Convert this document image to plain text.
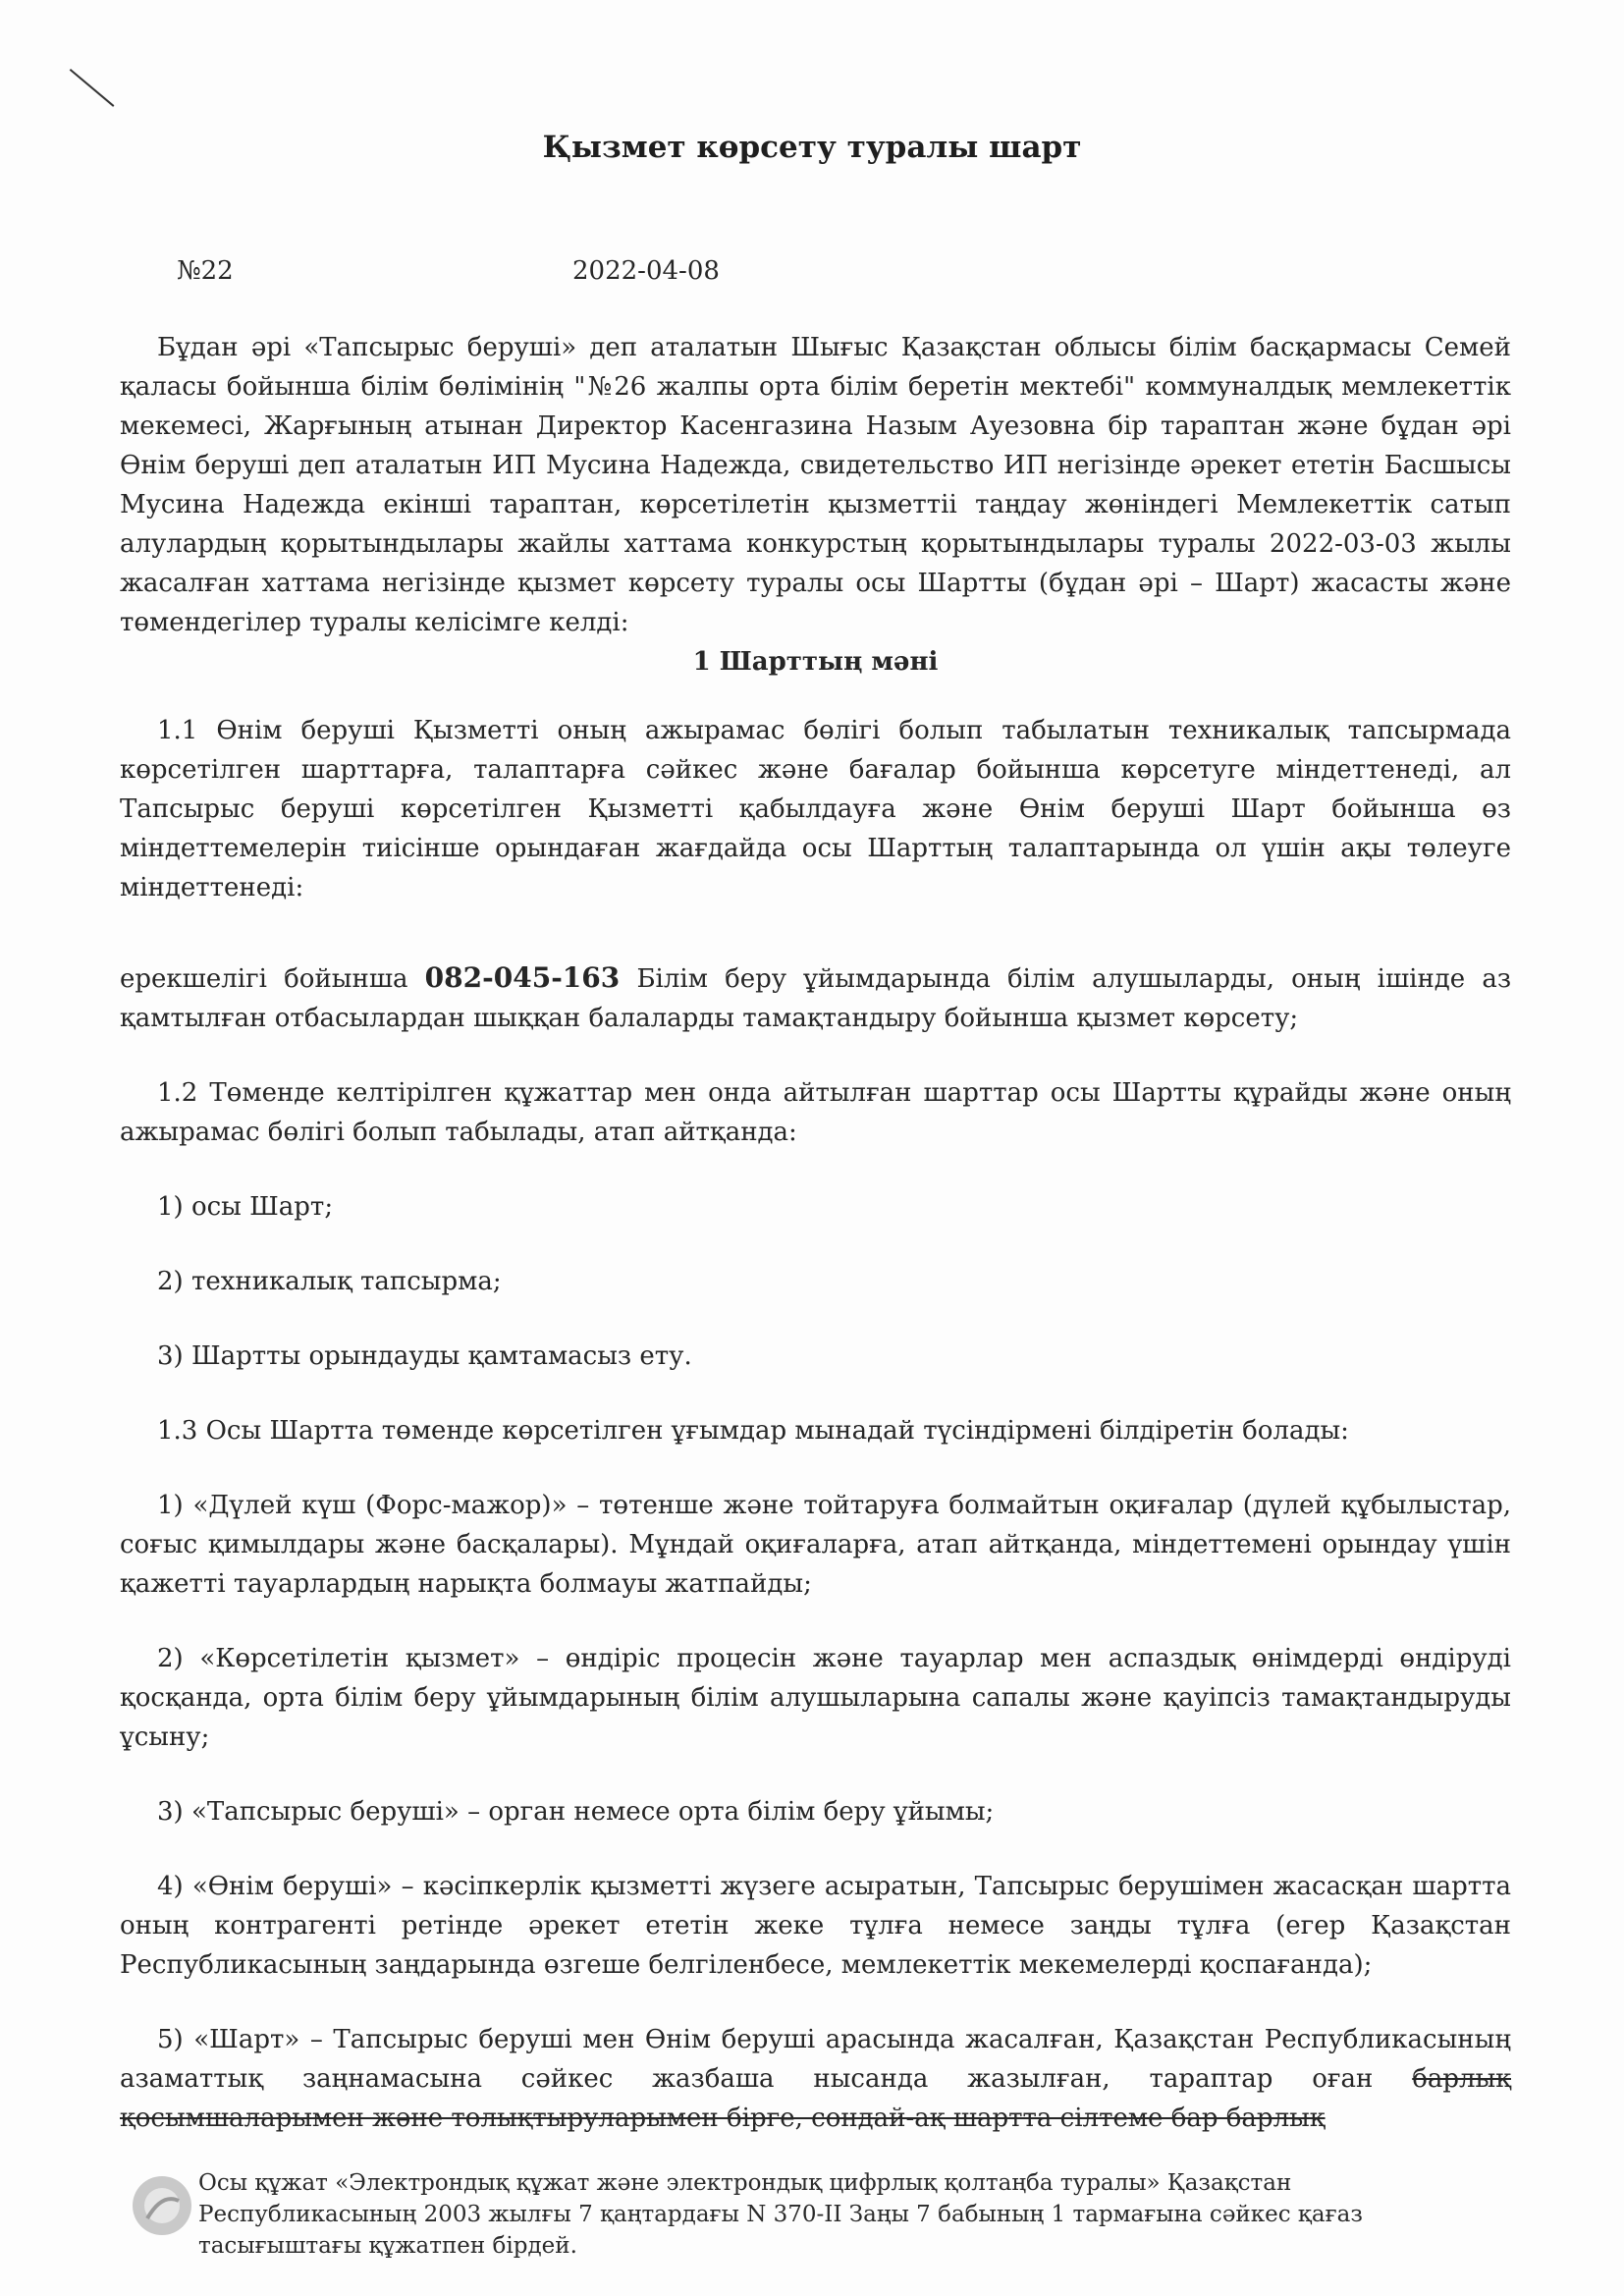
Қызмет көрсету туралы шарт
№22	2022-04-08

Бұдан әрі «Тапсырыс беруші» деп аталатын Шығыс Қазақстан облысы білім басқармасы Семей қаласы бойынша білім бөлімінің "№26 жалпы орта білім беретін мектебі" коммуналдық мемлекеттік мекемесі, Жарғының атынан Директор Касенгазина Назым Ауезовна бір тараптан және бұдан әрі Өнім беруші деп аталатын ИП Мусина Надежда, свидетельство ИП негізінде әрекет ететін Басшысы Мусина Надежда екінші тараптан, көрсетілетін қызметтіі таңдау жөніндегі Мемлекеттік сатып алулардың қорытындылары жайлы хаттама конкурстың қорытындылары туралы 2022-03-03 жылы жасалған хаттама негізінде қызмет көрсету туралы осы Шартты (бұдан әрі – Шарт) жасасты және төмендегілер туралы келісімге келді:

1 Шарттың мәні

1.1 Өнім беруші Қызметті оның ажырамас бөлігі болып табылатын техникалық тапсырмада көрсетілген шарттарға, талаптарға сәйкес және бағалар бойынша көрсетуге міндеттенеді, ал Тапсырыс беруші көрсетілген Қызметті қабылдауға және Өнім беруші Шарт бойынша өз міндеттемелерін тиісінше орындаған жағдайда осы Шарттың талаптарында ол үшін ақы төлеуге міндеттенеді:

ерекшелігі бойынша 082-045-163 Білім беру ұйымдарында білім алушыларды, оның ішінде аз қамтылған отбасылардан шыққан балаларды тамақтандыру бойынша қызмет көрсету;

1.2 Төменде келтірілген құжаттар мен онда айтылған шарттар осы Шартты құрайды және оның ажырамас бөлігі болып табылады, атап айтқанда:

1) осы Шарт;

2) техникалық тапсырма;

3) Шартты орындауды қамтамасыз ету.

1.3 Осы Шартта төменде көрсетілген ұғымдар мынадай түсіндірмені білдіретін болады:

1) «Дүлей күш (Форс-мажор)» – төтенше және тойтаруға болмайтын оқиғалар (дүлей құбылыстар, соғыс қимылдары және басқалары). Мұндай оқиғаларға, атап айтқанда, міндеттемені орындау үшін қажетті тауарлардың нарықта болмауы жатпайды;

2) «Көрсетілетін қызмет» – өндіріс процесін және тауарлар мен аспаздық өнімдерді өндіруді қосқанда, орта білім беру ұйымдарының білім алушыларына сапалы және қауіпсіз тамақтандыруды ұсыну;

3) «Тапсырыс беруші» – орган немесе орта білім беру ұйымы;

4) «Өнім беруші» – кәсіпкерлік қызметті жүзеге асыратын, Тапсырыс берушімен жасасқан шартта оның контрагенті ретінде әрекет ететін жеке тұлға немесе заңды тұлға (егер Қазақстан Республикасының заңдарында өзгеше белгіленбесе, мемлекеттік мекемелерді қоспағанда);

5) «Шарт» – Тапсырыс беруші мен Өнім беруші арасында жасалған, Қазақстан Республикасының азаматтық заңнамасына сәйкес жазбаша нысанда жазылған, тараптар оған барлық қосымшаларымен және толықтыруларымен бірге, сондай-ақ шартта сілтеме бар барлық

Осы құжат «Электрондық құжат және электрондық цифрлық қолтаңба туралы» Қазақстан Республикасының 2003 жылғы 7 қаңтардағы N 370-II Заңы 7 бабының 1 тармағына сәйкес қағаз тасығыштағы құжатпен бірдей.
